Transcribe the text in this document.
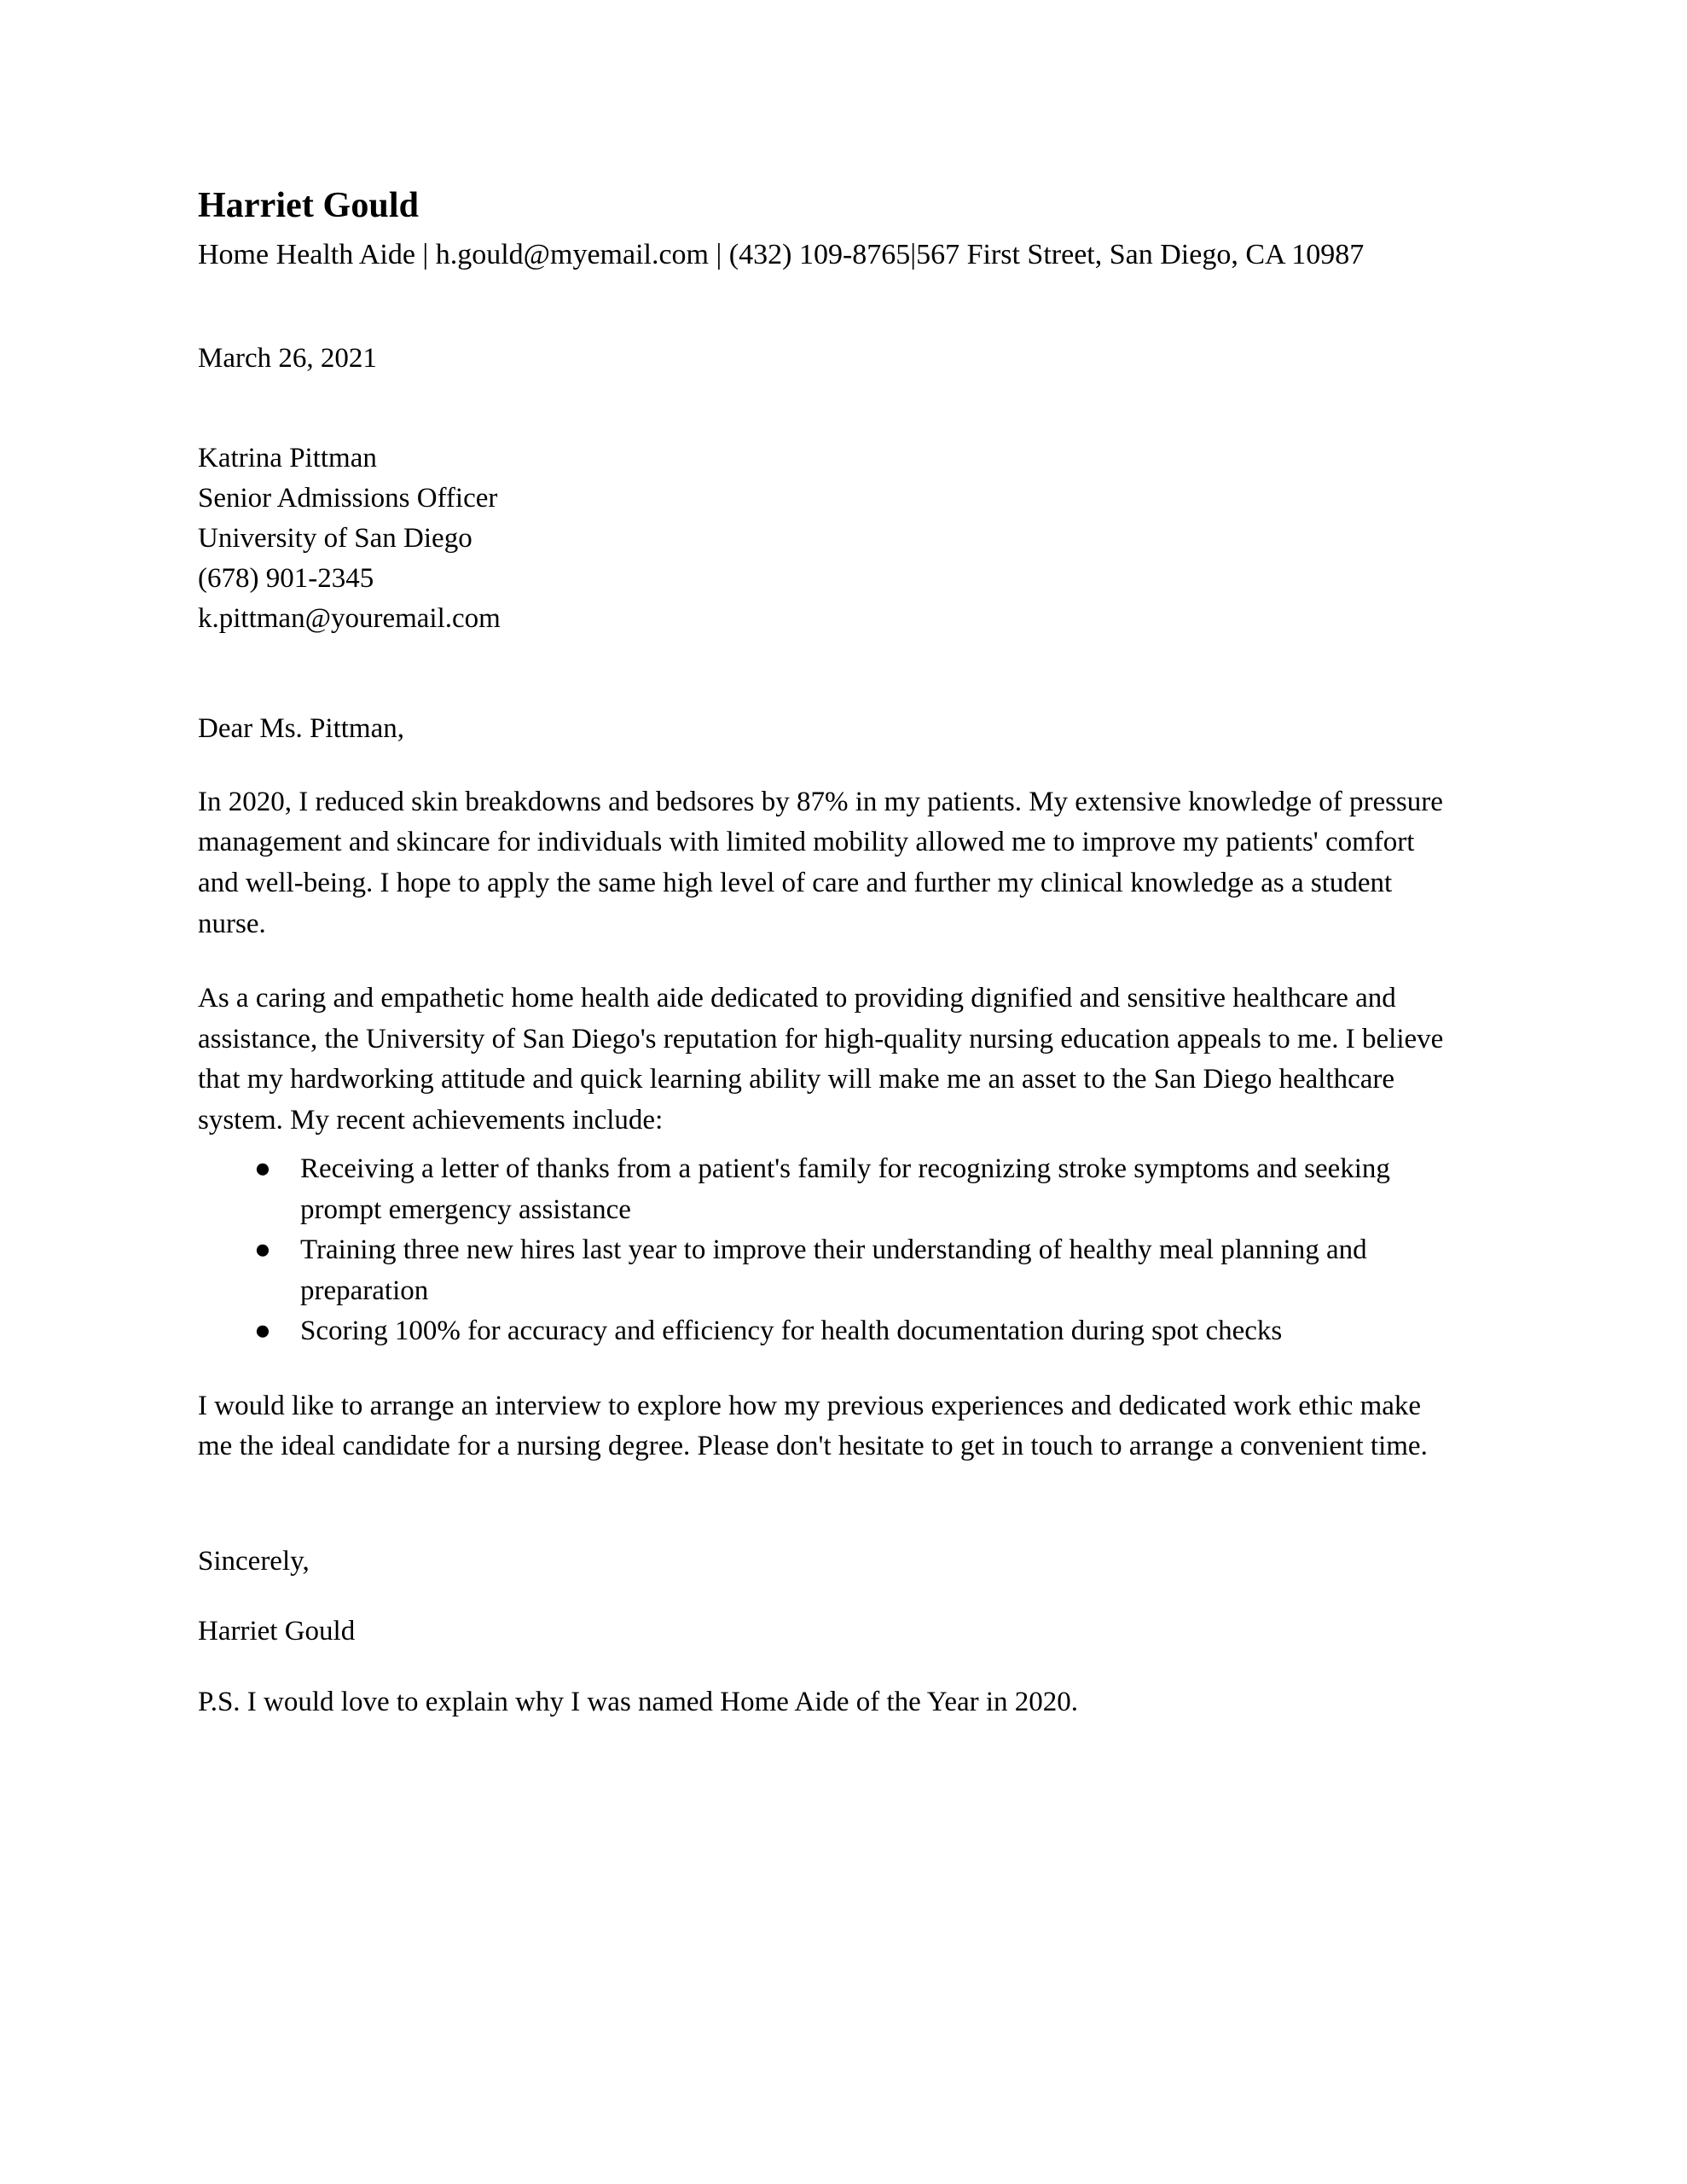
Harriet Gould

Home Health Aide | h.gould@myemail.com | (432) 109-8765|567 First Street, San Diego, CA 10987

March 26, 2021

Katrina Pittman
Senior Admissions Officer
University of San Diego
(678) 901-2345
k.pittman@youremail.com

Dear Ms. Pittman,

In 2020, I reduced skin breakdowns and bedsores by 87% in my patients. My extensive knowledge of pressure management and skincare for individuals with limited mobility allowed me to improve my patients' comfort and well-being. I hope to apply the same high level of care and further my clinical knowledge as a student nurse.

As a caring and empathetic home health aide dedicated to providing dignified and sensitive healthcare and assistance, the University of San Diego's reputation for high-quality nursing education appeals to me. I believe that my hardworking attitude and quick learning ability will make me an asset to the San Diego healthcare system. My recent achievements include:

● Receiving a letter of thanks from a patient's family for recognizing stroke symptoms and seeking prompt emergency assistance
● Training three new hires last year to improve their understanding of healthy meal planning and preparation
● Scoring 100% for accuracy and efficiency for health documentation during spot checks

I would like to arrange an interview to explore how my previous experiences and dedicated work ethic make me the ideal candidate for a nursing degree. Please don't hesitate to get in touch to arrange a convenient time.

Sincerely,

Harriet Gould

P.S. I would love to explain why I was named Home Aide of the Year in 2020.
